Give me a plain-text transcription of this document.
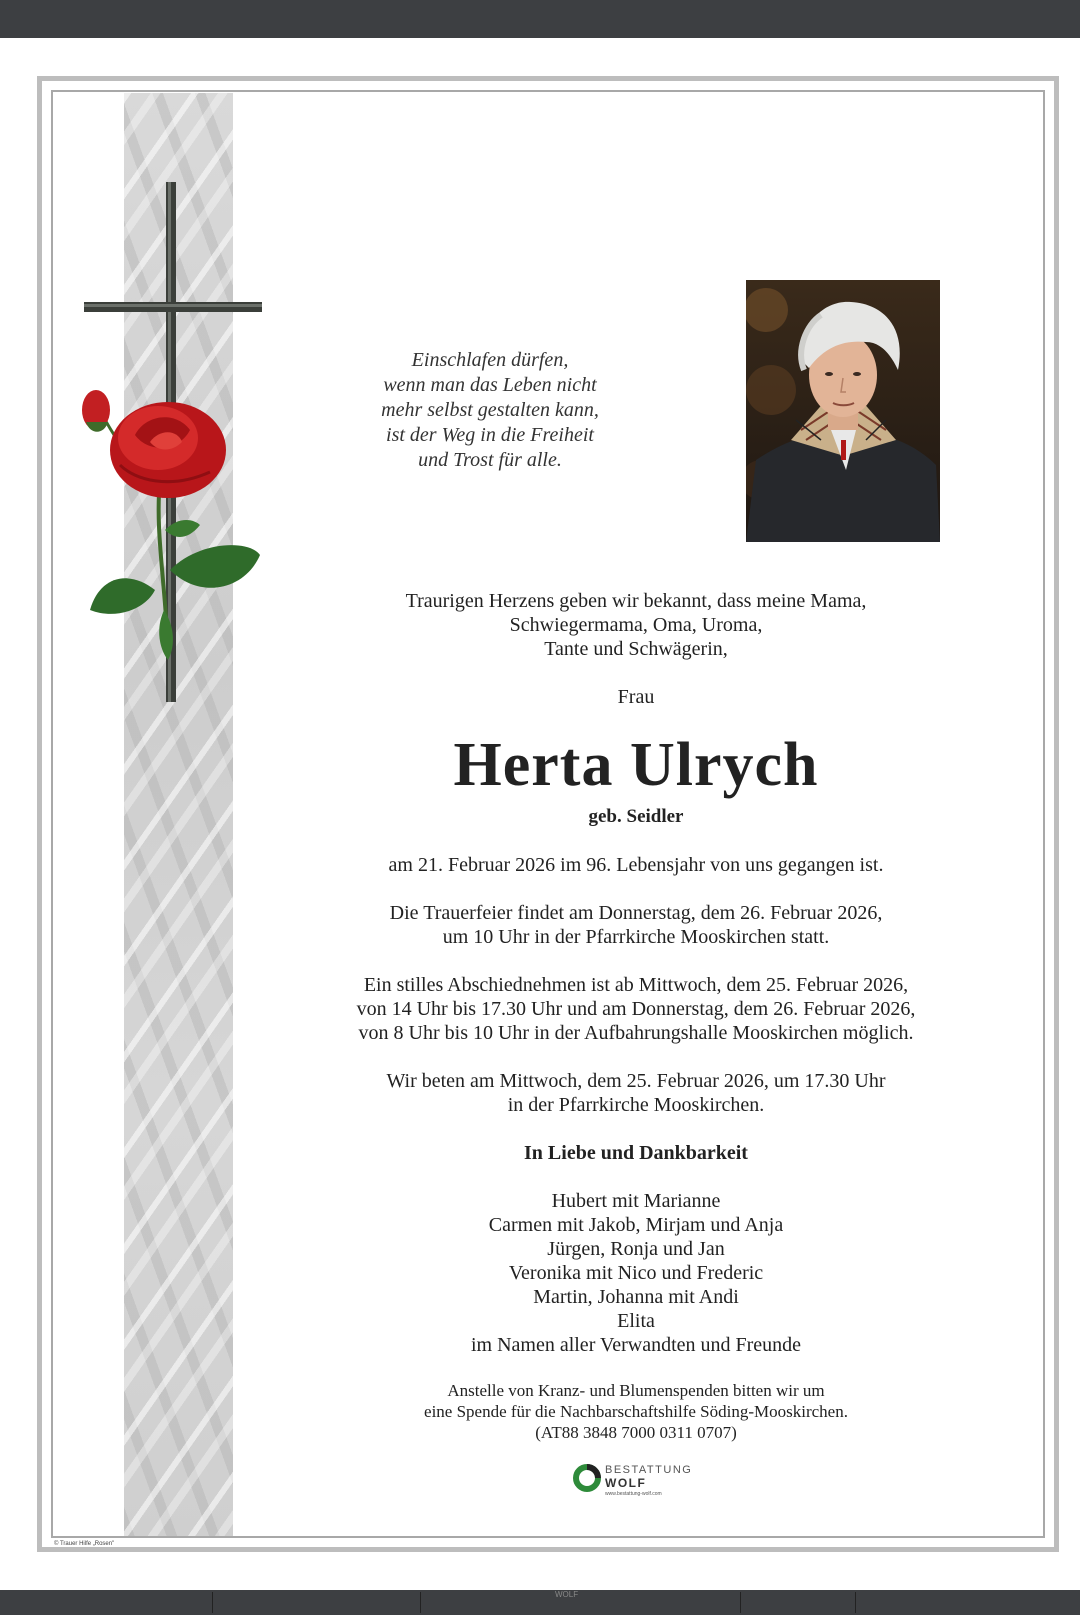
Einschlafen dürfen,
wenn man das Leben nicht
mehr selbst gestalten kann,
ist der Weg in die Freiheit
und Trost für alle.
Traurigen Herzens geben wir bekannt, dass meine Mama,
Schwiegermama, Oma, Uroma,
Tante und Schwägerin,
Frau
Herta Ulrych
geb. Seidler
am 21. Februar 2026 im 96. Lebensjahr von uns gegangen ist.
Die Trauerfeier findet am Donnerstag, dem 26. Februar 2026,
um 10 Uhr in der Pfarrkirche Mooskirchen statt.
Ein stilles Abschiednehmen ist ab Mittwoch, dem 25. Februar 2026,
von 14 Uhr bis 17.30 Uhr und am Donnerstag, dem 26. Februar 2026,
von 8 Uhr bis 10 Uhr in der Aufbahrungshalle Mooskirchen möglich.
Wir beten am Mittwoch, dem 25. Februar 2026, um 17.30 Uhr
in der Pfarrkirche Mooskirchen.
In Liebe und Dankbarkeit
Hubert mit Marianne
Carmen mit Jakob, Mirjam und Anja
Jürgen, Ronja und Jan
Veronika mit Nico und Frederic
Martin, Johanna mit Andi
Elita
im Namen aller Verwandten und Freunde
Anstelle von Kranz- und Blumenspenden bitten wir um
eine Spende für die Nachbarschaftshilfe Söding-Mooskirchen.
(AT88 3848 7000 0311 0707)
BESTATTUNG
WOLF
www.bestattung-wolf.com
© Trauer Hilfe „Rosen"
WOLF
